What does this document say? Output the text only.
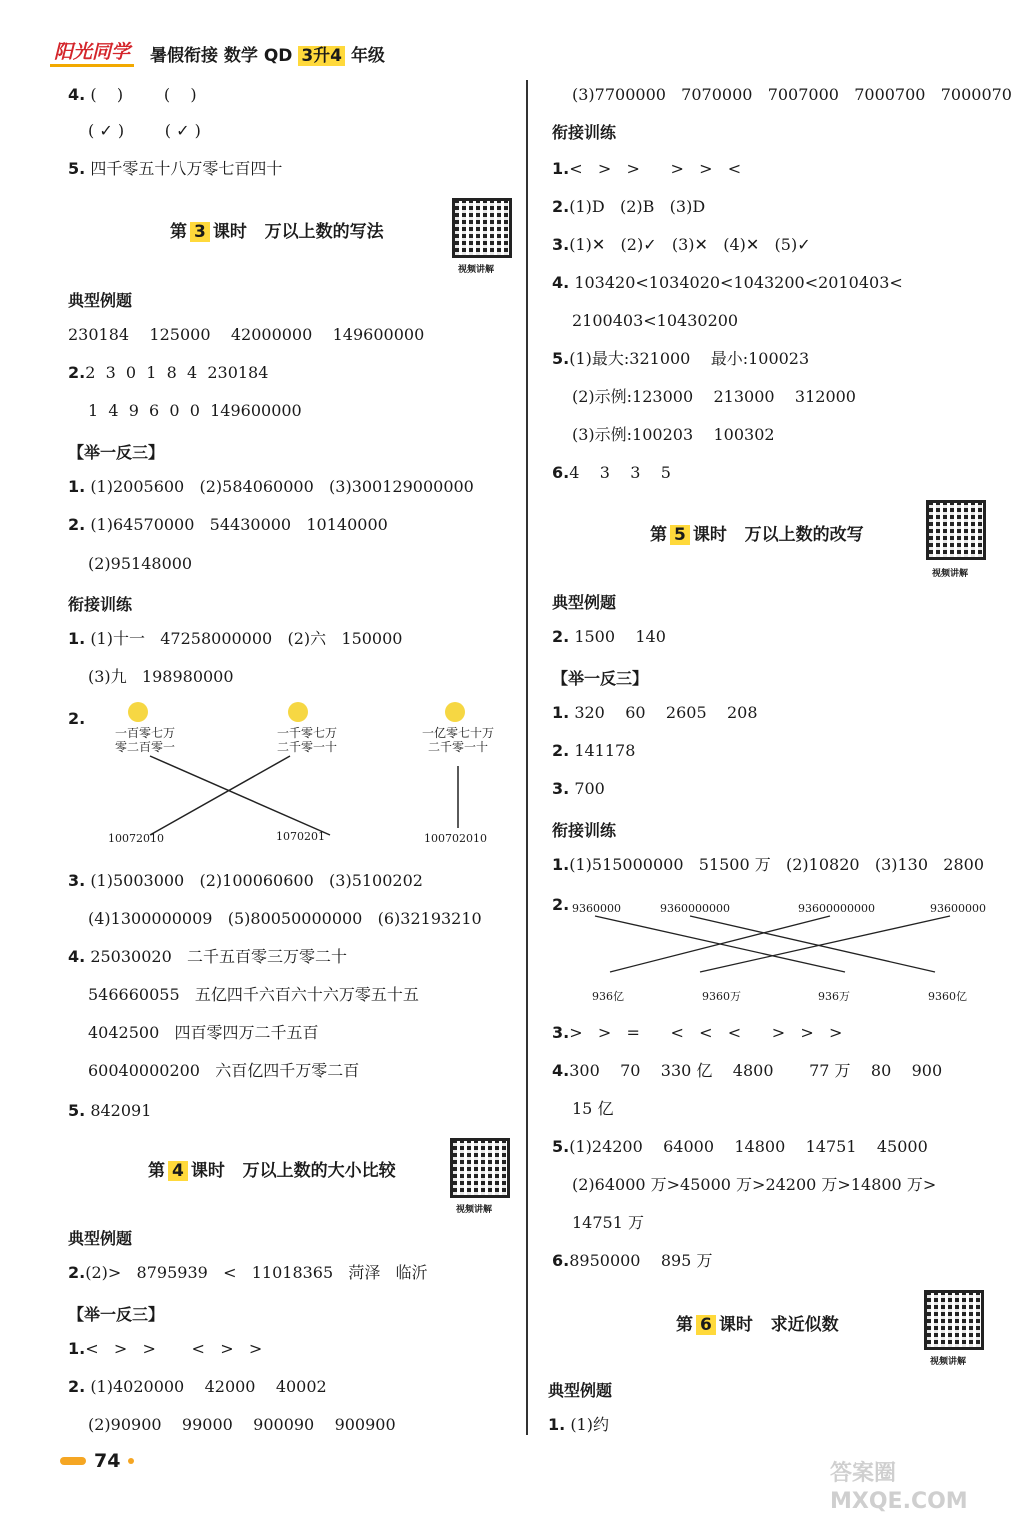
阳光同学 暑假衔接 数学 QD 3升4 年级
4. (    )        (    )
( ✓ )        ( ✓ )
5. 四千零五十八万零七百四十
第 3 课时   万以上数的写法
视频讲解
典型例题
230184    125000    42000000    149600000
2.2  3  0  1  8  4  230184
1  4  9  6  0  0  149600000
【举一反三】
1. (1)2005600   (2)584060000   (3)300129000000
2. (1)64570000   54430000   10140000
(2)95148000
衔接训练
1. (1)十一   47258000000   (2)六   150000
(3)九   198980000
2.
一百零七万
零二百零一
一千零七万
二千零一十
一亿零七十万
二千零一十
10072010	1070201	100702010
3. (1)5003000   (2)100060600   (3)5100202
(4)1300000009   (5)80050000000   (6)32193210
4. 25030020 二千五百零三万零二十
546660055 五亿四千六百六十六万零五十五
4042500 四百零四万二千五百
60040000200 六百亿四千万零二百
5. 842091
第 4 课时   万以上数的大小比较
视频讲解
典型例题
2.(2)>   8795939   <   11018365   菏泽   临沂
【举一反三】
1.<   >   >       <   >   >
2. (1)4020000    42000    40002
(2)90900    99000    900090    900900
(3)7700000   7070000   7007000   7000700   7000070
衔接训练
1.<   >   >      >   >   <
2.(1)D   (2)B   (3)D
3.(1)✕   (2)✓   (3)✕   (4)✕   (5)✓
4. 103420<1034020<1043200<2010403<
2100403<10430200
5.(1)最大:321000    最小:100023
(2)示例:123000    213000    312000
(3)示例:100203    100302
6.4    3    3    5
第 5 课时   万以上数的改写
视频讲解
典型例题
2. 1500    140
【举一反三】
1. 320    60    2605    208
2. 141178
3. 700
衔接训练
1.(1)515000000   51500 万   (2)10820   (3)130   2800
2. 9360000	9360000000	93600000000	93600000
936亿	9360万	936万	9360亿
3.>   >   =      <   <   <      >   >   >
4.300    70    330 亿    4800       77 万    80    900
15 亿
5.(1)24200    64000    14800    14751    45000
(2)64000 万>45000 万>24200 万>14800 万>
14751 万
6.8950000    895 万
第 6 课时   求近似数
视频讲解
典型例题
1. (1)约
74	答案圈 MXQE.COM
